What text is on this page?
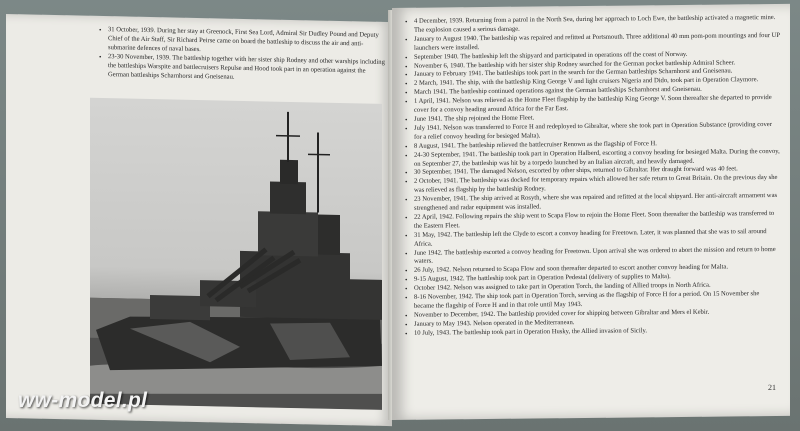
• 31 October, 1939. During her stay at Greenock, First Sea Lord, Admiral Sir Dudley Pound and Deputy Chief of the Air Staff, Sir Richard Peirse came on board the battleship to discuss the air and anti-submarine defences of naval bases.
• 23-30 November, 1939. The battleship together with her sister ship Rodney and other warships including the battleships Warspite and battlecruisers Repulse and Hood took part in an operation against the German battleships Scharnhorst and Gneisenau.
• 4 December, 1939. Returning from a patrol in the North Sea, during her approach to Loch Ewe, the battleship activated a magnetic mine. The explosion caused a serious damage.
• January to August 1940. The battleship was repaired and refitted at Portsmouth. Three additional 40 mm pom-pom mountings and four UP launchers were installed.
• September 1940. The battleship left the shipyard and participated in operations off the coast of Norway.
• November 6, 1940. The battleship with her sister ship Rodney searched for the German pocket battleship Admiral Scheer.
• January to February 1941. The battleships took part in the search for the German battleships Scharnhorst and Gneisenau.
• 2 March, 1941. The ship, with the battleship King George V and light cruisers Nigeria and Dido, took part in Operation Claymore.
• March 1941. The battleship continued operations against the German battleships Scharnhorst and Gneisenau.
• 1 April, 1941. Nelson was relieved as the Home Fleet flagship by the battleship King George V. Soon thereafter she departed to provide cover for a convoy heading around Africa for the Far East.
• June 1941. The ship rejoined the Home Fleet.
• July 1941. Nelson was transferred to Force H and redeployed to Gibraltar, where she took part in Operation Substance (providing cover for a relief convoy heading for besieged Malta).
• 8 August, 1941. The battleship relieved the battlecruiser Renown as the flagship of Force H.
• 24-30 September, 1941. The battleship took part in Operation Halberd, escorting a convoy heading for besieged Malta. During the convoy, on September 27, the battleship was hit by a torpedo launched by an Italian aircraft, and heavily damaged.
• 30 September, 1941. The damaged Nelson, escorted by other ships, returned to Gibraltar. Her draught forward was 40 feet.
• 2 October, 1941. The battleship was docked for temporary repairs which allowed her safe return to Great Britain. On the previous day she was relieved as flagship by the battleship Rodney.
• 23 November, 1941. The ship arrived at Rosyth, where she was repaired and refitted at the local shipyard. Her anti-aircraft armament was strengthened and radar equipment was installed.
• 22 April, 1942. Following repairs the ship went to Scapa Flow to rejoin the Home Fleet. Soon thereafter the battleship was transferred to the Eastern Fleet.
• 31 May, 1942. The battleship left the Clyde to escort a convoy heading for Freetown. Later, it was planned that she was to sail around Africa.
• June 1942. The battleship escorted a convoy heading for Freetown. Upon arrival she was ordered to abort the mission and return to home waters.
• 26 July, 1942. Nelson returned to Scapa Flow and soon thereafter departed to escort another convoy heading for Malta.
• 9-15 August, 1942. The battleship took part in Operation Pedestal (delivery of supplies to Malta).
• October 1942. Nelson was assigned to take part in Operation Torch, the landing of Allied troops in North Africa.
• 8-16 November, 1942. The ship took part in Operation Torch, serving as the flagship of Force H for a period. On 15 November she became the flagship of Force H and in that role until May 1943.
• November to December, 1942. The battleship provided cover for shipping between Gibraltar and Mers el Kebir.
• January to May 1943. Nelson operated in the Mediterranean.
• 10 July, 1943. The battleship took part in Operation Husky, the Allied invasion of Sicily.
21
ww-model.pl
